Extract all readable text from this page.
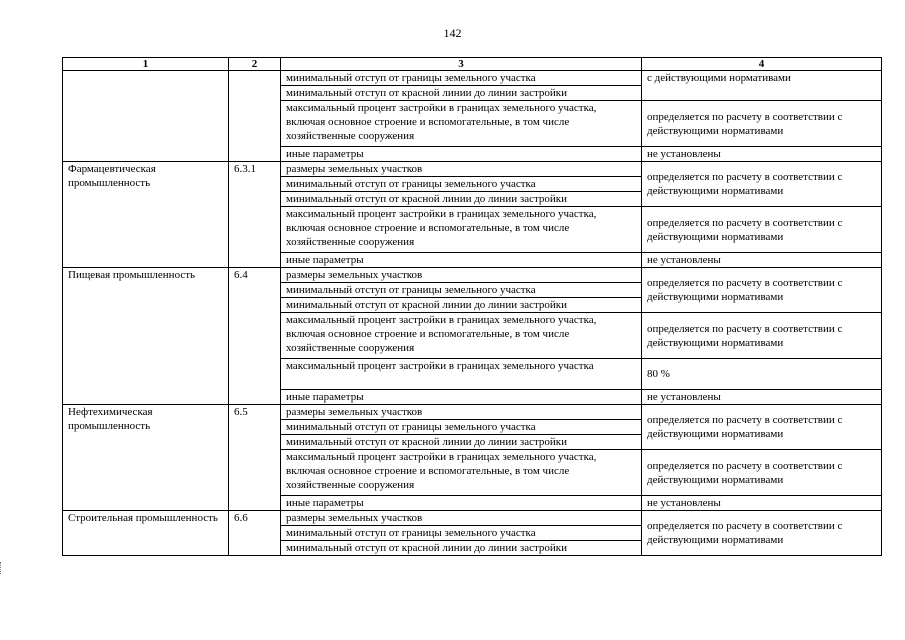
142
1	2	3	4
		минимальный отступ от границы земельного участка	с действующими нормативами
		минимальный отступ от красной линии до линии застройки	
		максимальный процент застройки в границах земельного участка, включая основное строение и вспомогательные, в том числе хозяйственные сооружения	определяется по расчету в соответствии с действующими нормативами
		иные параметры	не установлены
Фармацевтическая промышленность	6.3.1	размеры земельных участков	определяется по расчету в соответствии с действующими нормативами
		минимальный отступ от границы земельного участка	
		минимальный отступ от красной линии до линии застройки	
		максимальный процент застройки в границах земельного участка, включая основное строение и вспомогательные, в том числе хозяйственные сооружения	определяется по расчету в соответствии с действующими нормативами
		иные параметры	не установлены
Пищевая промышленность	6.4	размеры земельных участков	определяется по расчету в соответствии с действующими нормативами
		минимальный отступ от границы земельного участка	
		минимальный отступ от красной линии до линии застройки	
		максимальный процент застройки в границах земельного участка, включая основное строение и вспомогательные, в том числе хозяйственные сооружения	определяется по расчету в соответствии с действующими нормативами
		максимальный процент застройки в границах земельного участка	80 %
		иные параметры	не установлены
Нефтехимическая промышленность	6.5	размеры земельных участков	определяется по расчету в соответствии с действующими нормативами
		минимальный отступ от границы земельного участка	
		минимальный отступ от красной линии до линии застройки	
		максимальный процент застройки в границах земельного участка, включая основное строение и вспомогательные, в том числе хозяйственные сооружения	определяется по расчету в соответствии с действующими нормативами
		иные параметры	не установлены
Строительная промышленность	6.6	размеры земельных участков	определяется по расчету в соответствии с действующими нормативами
		минимальный отступ от границы земельного участка	
		минимальный отступ от красной линии до линии застройки	
